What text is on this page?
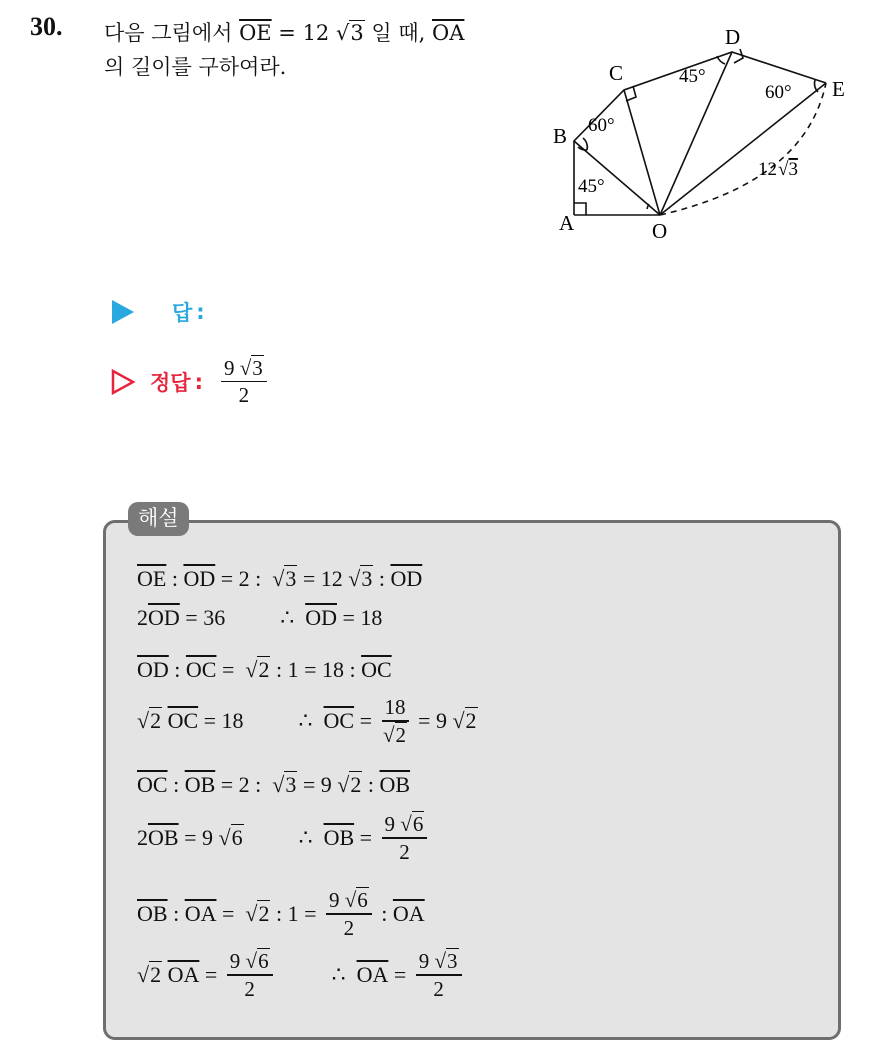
30. 다음 그림에서 $\overline{OE} = 12$ √3 일 때, $\overline{OA}$
의 길이를 구하여라.
A
B
C
D
E
O
60°
45°
60°
45°
12√3
답 :
정답 : $\frac{9 √3}{2}$
해설
$\overline{OE}$ : $\overline{OD} = 2$ : √3 = 12 √3 : $\overline{OD}$
2 $\overline{OD} = 36$          ∴ $\overline{OD} = 18$
$\overline{OD}$ : $\overline{OC} = √2$ : 1 = 18 : $\overline{OC}$
√2
$\overline{OC} = 18$          ∴ $\overline{OC} = \frac{18}{√2} = 9$ √2
$\overline{OC}$ : $\overline{OB} = 2$ : √3 = 9 √2 : $\overline{OB}$
2 $\overline{OB} = 9$ √6 ∴ $\overline{OB} = \frac{9 √6}{2}$
$\overline{OB}$ : $\overline{OA} = √2$ : $1 = \frac{9 √6}{2}$ : $\overline{OA}$
√2
$\overline{OA} = \frac{9 √6}{2}$ ∴ $\overline{OA} = \frac{9 √3}{2}$
